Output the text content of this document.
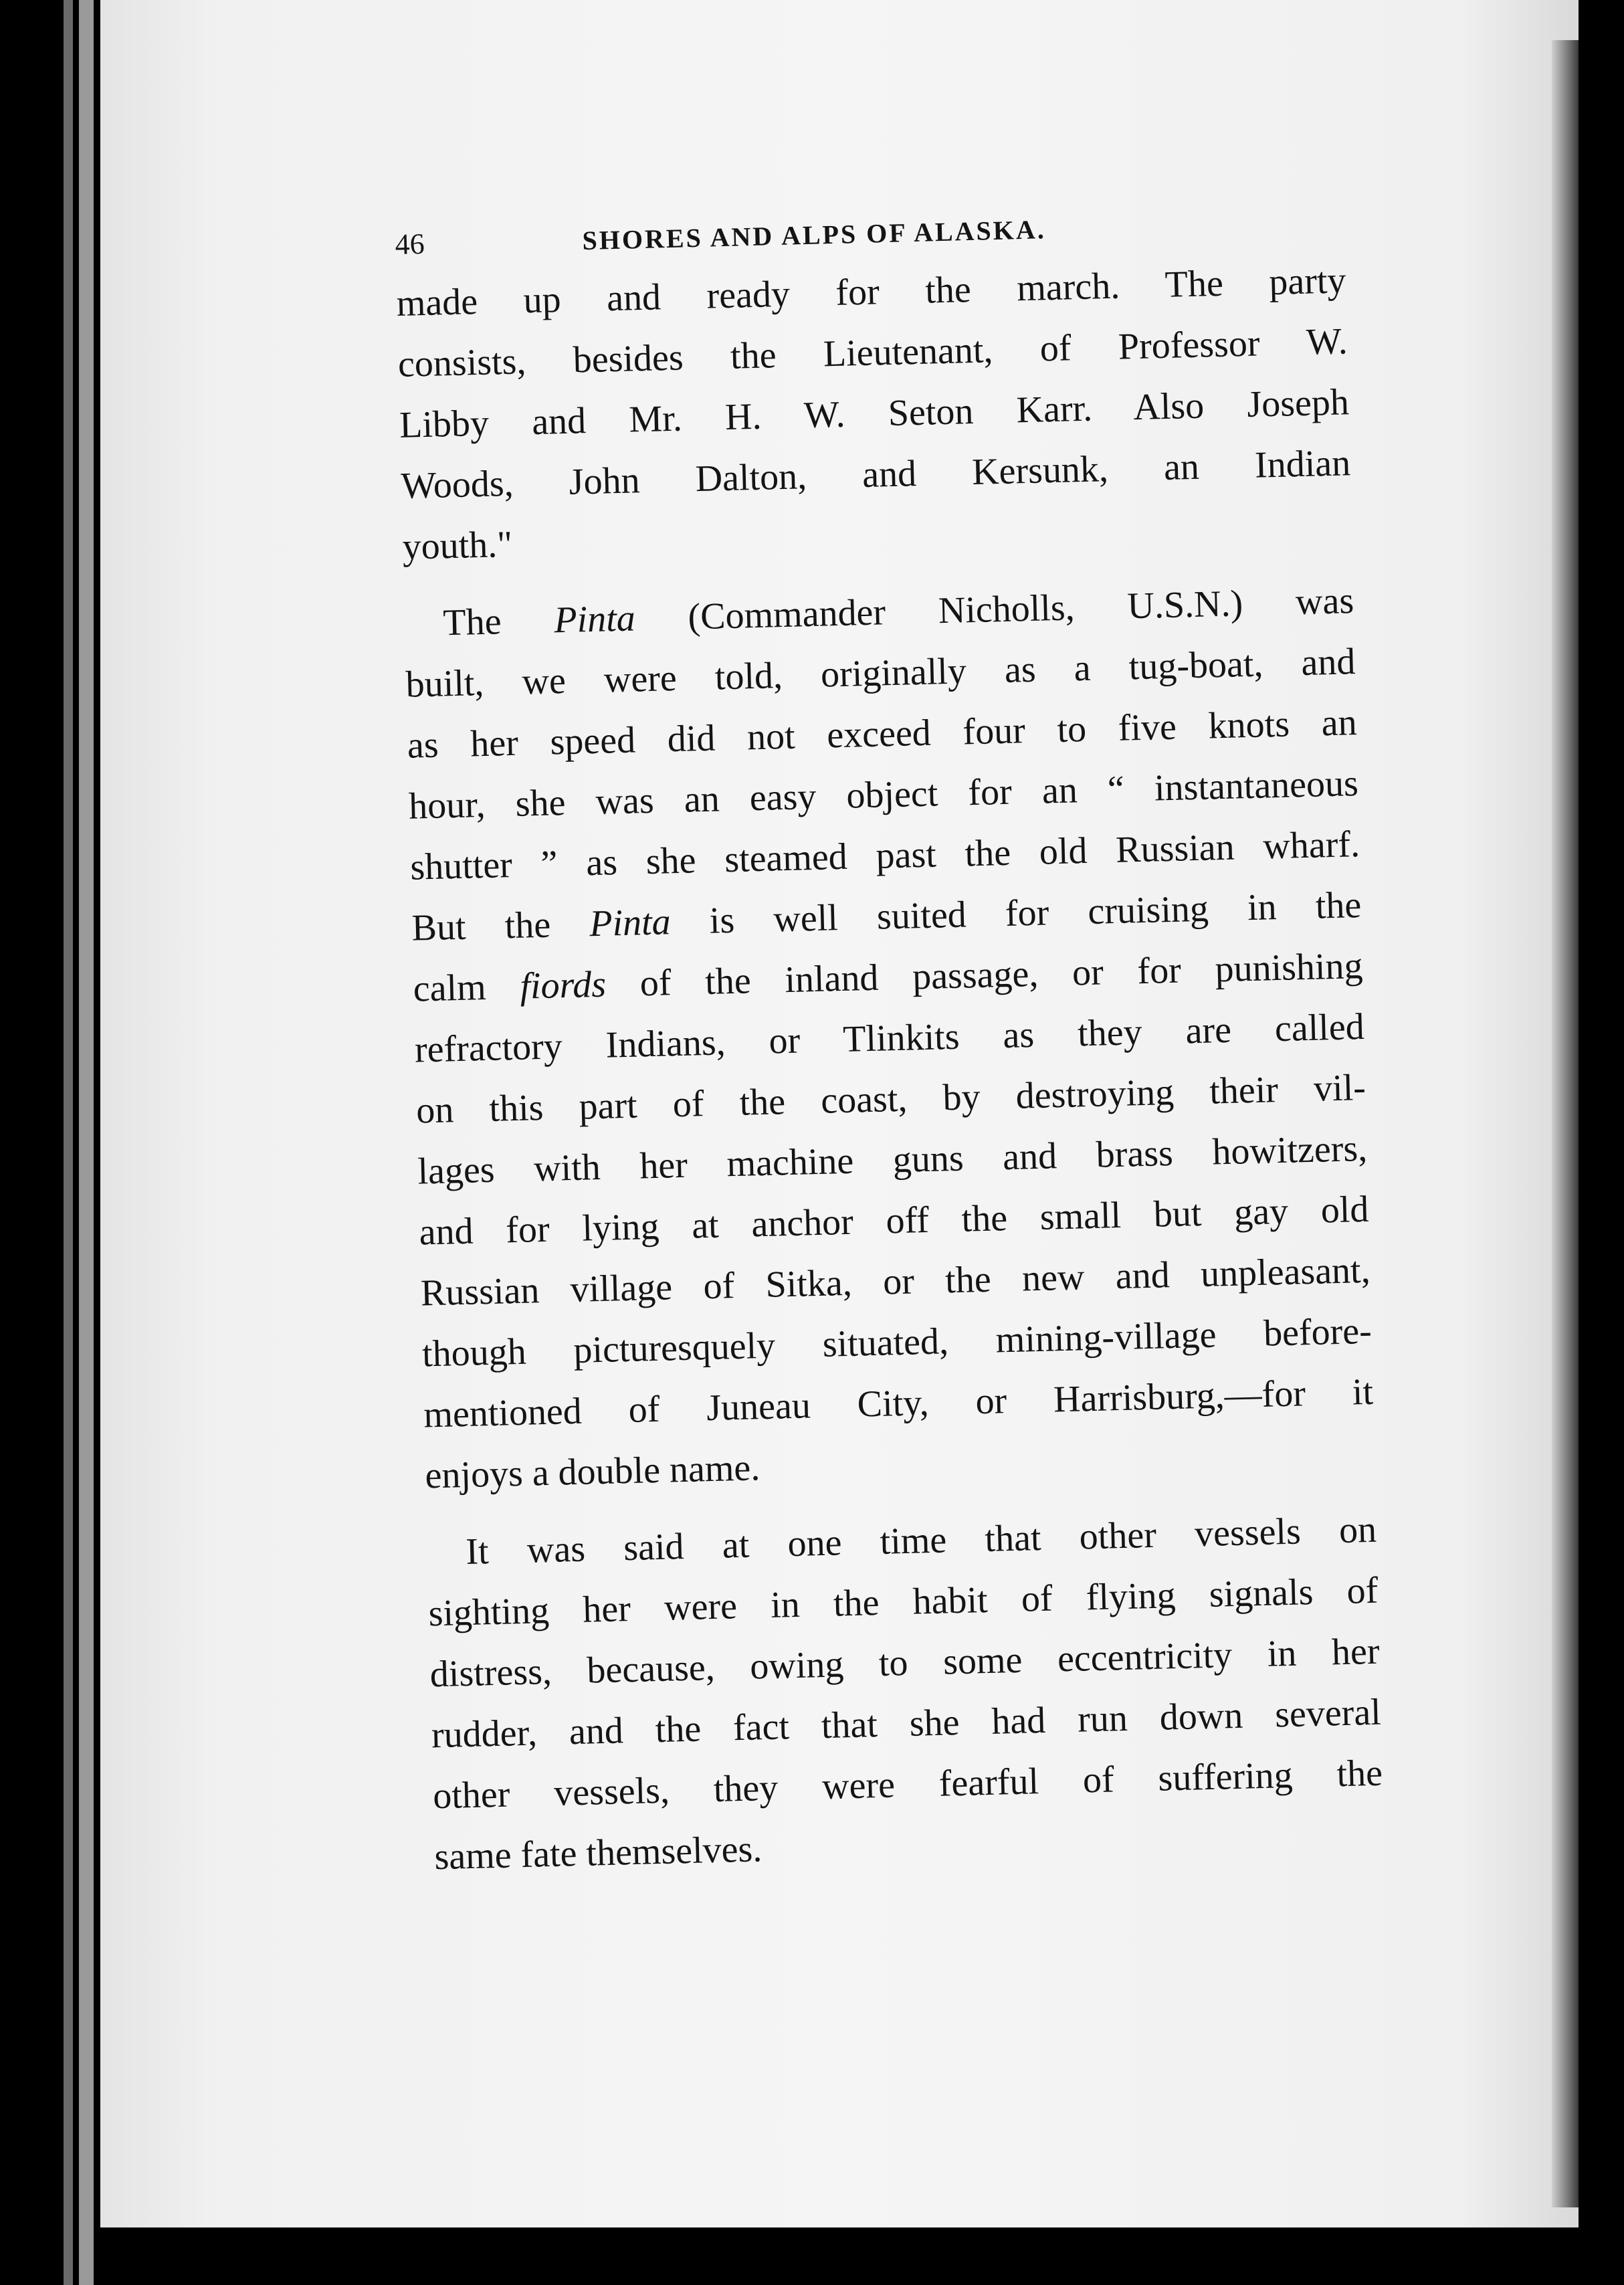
46	SHORES AND ALPS OF ALASKA.

made up and ready for the march. The party
consists, besides the Lieutenant, of Professor W.
Libby and Mr. H. W. Seton Karr. Also Joseph
Woods, John Dalton, and Kersunk, an Indian
youth."

The Pinta (Commander Nicholls, U.S.N.) was
built, we were told, originally as a tug-boat, and
as her speed did not exceed four to five knots an
hour, she was an easy object for an “ instantaneous
shutter ” as she steamed past the old Russian wharf.
But the Pinta is well suited for cruising in the
calm fiords of the inland passage, or for punishing
refractory Indians, or Tlinkits as they are called
on this part of the coast, by destroying their vil-
lages with her machine guns and brass howitzers,
and for lying at anchor off the small but gay old
Russian village of Sitka, or the new and unpleasant,
though picturesquely situated, mining-village before-
mentioned of Juneau City, or Harrisburg,—for it
enjoys a double name.

It was said at one time that other vessels on
sighting her were in the habit of flying signals of
distress, because, owing to some eccentricity in her
rudder, and the fact that she had run down several
other vessels, they were fearful of suffering the
same fate themselves.
